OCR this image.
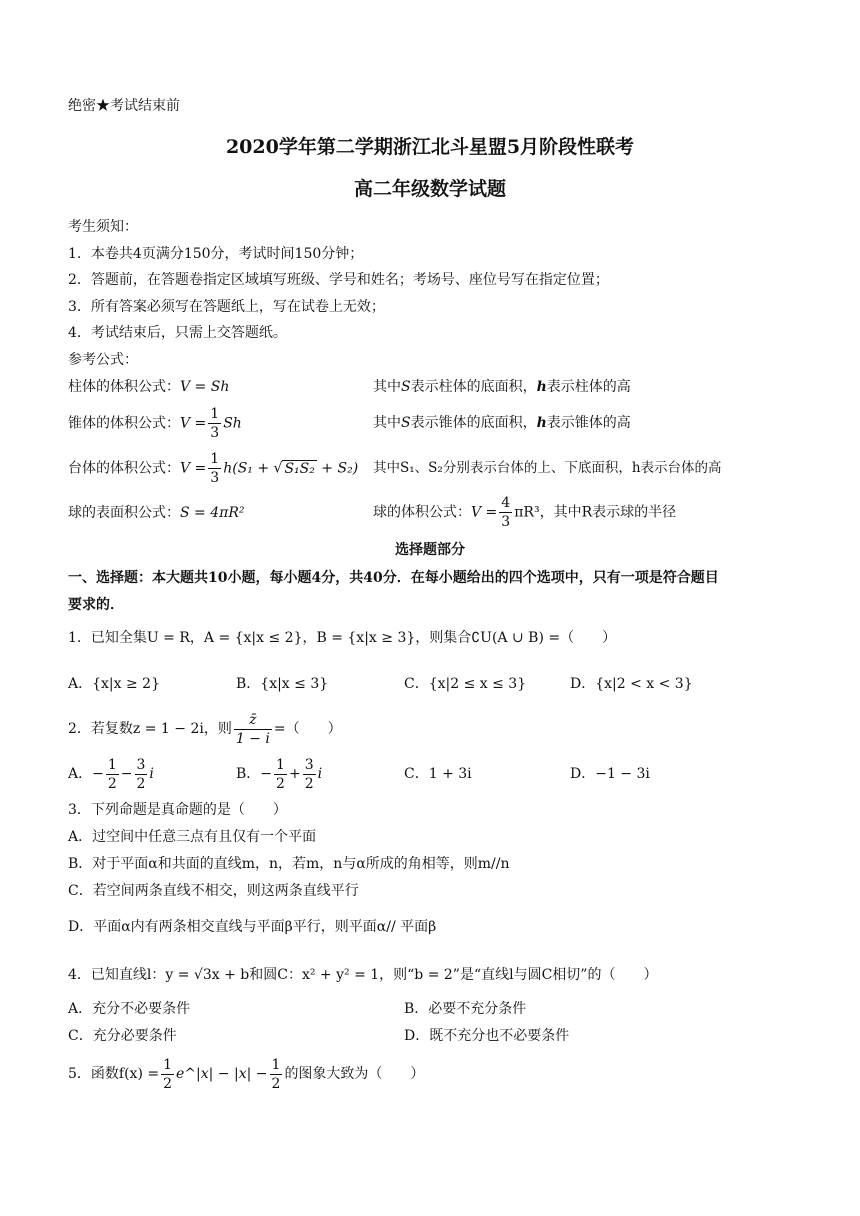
绝密★考试结束前
2020学年第二学期浙江北斗星盟5月阶段性联考
高二年级数学试题
考生须知：
1．本卷共4页满分150分，考试时间150分钟；
2．答题前，在答题卷指定区域填写班级、学号和姓名；考场号、座位号写在指定位置；
3．所有答案必须写在答题纸上，写在试卷上无效；
4．考试结束后，只需上交答题纸。
参考公式：
柱体的体积公式：V = Sh	其中S表示柱体的底面积，h表示柱体的高
锥体的体积公式：$V = \frac{1}{3}$ Sh	其中S表示锥体的底面积，h表示锥体的高
台体的体积公式：$V = \frac{1}{3} h(S_1$ + √ S₁S₂ + S₂) 其中S₁、S₂分别表示台体的上、下底面积，h表示台体的高
球的表面积公式：S = 4πR²	球的体积公式：$V = \frac{4}{3} \pi R^3$，其中R表示球的半径
选择题部分
一、选择题：本大题共10小题，每小题4分，共40分．在每小题给出的四个选项中，只有一项是符合题目
要求的．
1．已知全集U = R，A = {x|x ≤ 2}，B = {x|x ≥ 3}，则集合∁U(A ∪ B) =（　　）
A．{x|x ≥ 2}	B．{x|x ≤ 3}	C．{x|2 ≤ x ≤ 3}	D．{x|2 < x < 3}
2．若复数z = 1 − 2i，则 $\frac{z̄}{1 - i}$ =（　　）
A．− $\frac{1}{2} - \frac{3}{2}$ i	B．− $\frac{1}{2} + \frac{3}{2}$ i	C．1 + 3i	D．−1 − 3i
3．下列命题是真命题的是（　　）
A．过空间中任意三点有且仅有一个平面
B．对于平面α和共面的直线m，n，若m，n与α所成的角相等，则m//n
C．若空间两条直线不相交，则这两条直线平行
D．平面α内有两条相交直线与平面β平行，则平面α// 平面β
4．已知直线l：y = √3x + b和圆C：x² + y² = 1，则“b = 2”是“直线l与圆C相切”的（　　）
A．充分不必要条件	B．必要不充分条件
C．充分必要条件	D．既不充分也不必要条件
5．函数$f(x) = \frac{1}{2}$ e^|x| − $|x| - \frac{1}{2}$ 的图象大致为（　　）
